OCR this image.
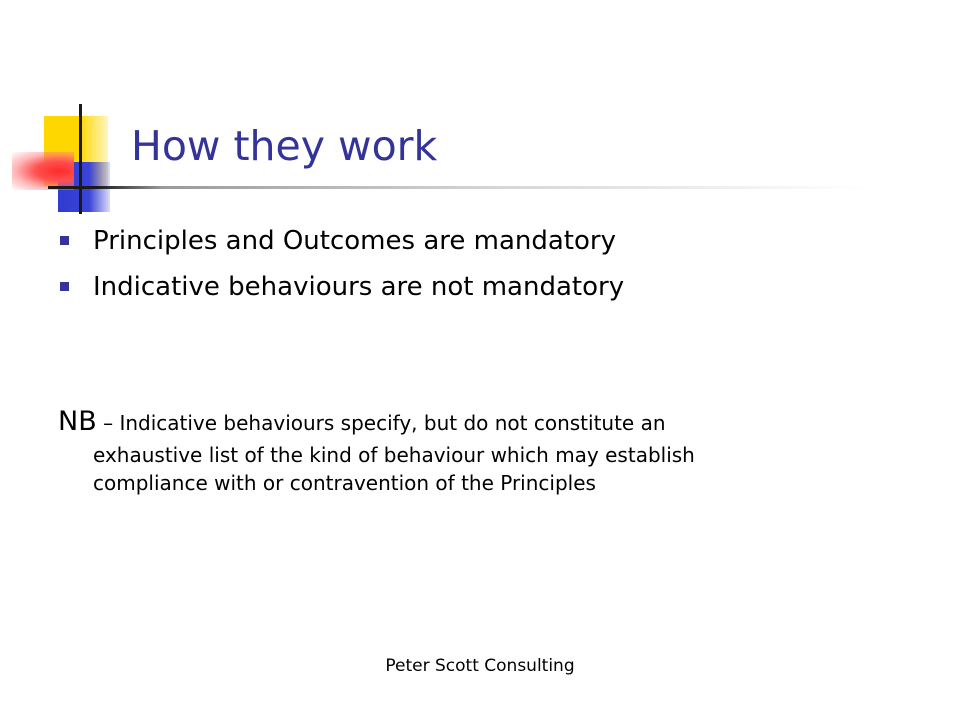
How they work
Principles and Outcomes are mandatory
Indicative behaviours are not mandatory
NB – Indicative behaviours specify, but do not constitute an
exhaustive list of the kind of behaviour which may establish
compliance with or contravention of the Principles
Peter Scott Consulting
